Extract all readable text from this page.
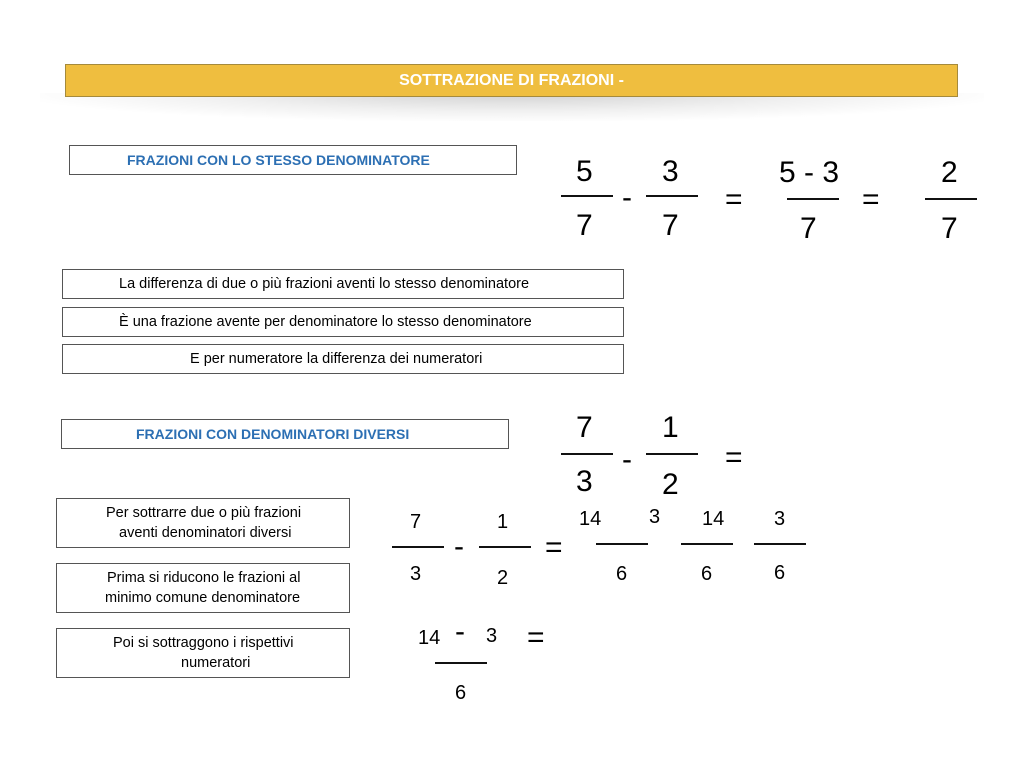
SOTTRAZIONE DI FRAZIONI -
FRAZIONI CON LO STESSO DENOMINATORE	5
7
-
3
7
=
5 - 3
7
=
2
7
La differenza di due o più frazioni aventi lo stesso denominatore
È una frazione avente per denominatore lo stesso denominatore
E per numeratore la differenza dei numeratori
FRAZIONI CON DENOMINATORI DIVERSI	7
3
-
1
2
=
Per sottrarre due o più frazioni
aventi denominatori diversi
Prima si riducono le frazioni al
minimo comune denominatore
Poi si sottraggono i rispettivi
numeratori
7
3
-
1
2
=
14 3
6
14
6
3
6
14 - 3
6
=
